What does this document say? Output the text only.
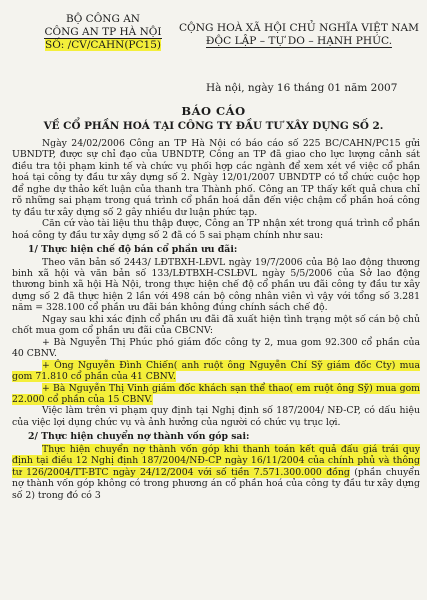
BỘ CÔNG AN
CÔNG AN TP HÀ NỘI
SỐ: /CV/CAHN(PC15)
CỘNG HOÀ XÃ HỘI CHỦ NGHĨA VIỆT NAM
ĐỘC LẬP – TỰ DO – HẠNH PHÚC.
Hà nội, ngày 16 tháng 01 năm 2007
BÁO CÁO
VỀ CỔ PHẦN HOÁ TẠI CÔNG TY ĐẦU TƯ XÂY DỰNG SỐ 2.

Ngày 24/02/2006 Công an TP Hà Nội có báo cáo số 225 BC/CAHN/PC15 gửi UBNDTP, được sự chỉ đạo của UBNDTP, Công an TP đã giao cho lực lượng cảnh sát điều tra tội phạm kinh tế và chức vụ phối hợp các ngành để xem xét về việc cổ phần hoá tại công ty đầu tư xây dựng số 2. Ngày 12/01/2007 UBNDTP có tổ chức cuộc họp để nghe dự thảo kết luận của thanh tra Thành phố. Công an TP thấy kết quả chưa chỉ rõ những sai phạm trong quá trình cổ phần hoá dẫn đến việc chậm cổ phần hoá công ty đầu tư xây dựng số 2 gây nhiều dư luận phức tạp.

Căn cứ vào tài liệu thu thập được, Công an TP nhận xét trong quá trình cổ phần hoá công ty đầu tư xây dựng số 2 đã có 5 sai phạm chính như sau:

1/ Thực hiện chế độ bán cổ phần ưu đãi:

Theo văn bản số 2443/ LĐTBXH-LĐVL ngày 19/7/2006 của Bộ lao động thương binh xã hội và văn bản số 133/LĐTBXH-CSLĐVL ngày 5/5/2006 của Sở lao động thương binh xã hội Hà Nội, trong thực hiện chế độ cổ phần ưu đãi công ty đầu tư xây dựng số 2 đã thực hiện 2 lần với 498 cán bộ công nhân viên vì vậy với tổng số 3.281 năm = 328.100 cổ phần ưu đãi bán không đúng chính sách chế độ.

Ngay sau khi xác định cổ phần ưu đãi đã xuất hiện tình trạng một số cán bộ chủ chốt mua gom cổ phần ưu đãi của CBCNV:

+ Bà Nguyễn Thị Phúc phó giám đốc công ty 2, mua gom 92.300 cổ phần của 40 CBNV.

+ Ông Nguyễn Đình Chiến( anh ruột ông Nguyễn Chí Sỹ giám đốc Cty) mua gom 71.810 cổ phần của 41 CBNV.

+ Bà Nguyễn Thị Vinh giám đốc khách sạn thể thao( em ruột ông Sỹ) mua gom 22.000 cổ phần của 15 CBNV.

Việc làm trên vi phạm quy định tại Nghị định số 187/2004/ NĐ-CP, có dấu hiệu của việc lợi dụng chức vụ và ảnh hưởng của người có chức vụ trục lợi.

2/ Thực hiện chuyển nợ thành vốn góp sai:

Thực hiện chuyển nợ thành vốn góp khi thanh toán kết quả đấu giá trái quy định tại điều 12 Nghị định 187/2004/NĐ-CP ngày 16/11/2004 của chính phủ và thông tư 126/2004/TT-BTC ngày 24/12/2004 với số tiền 7.571.300.000 đồng (phần chuyển nợ thành vốn góp không có trong phương án cổ phần hoá của công ty đầu tư xây dựng số 2) trong đó có 3
